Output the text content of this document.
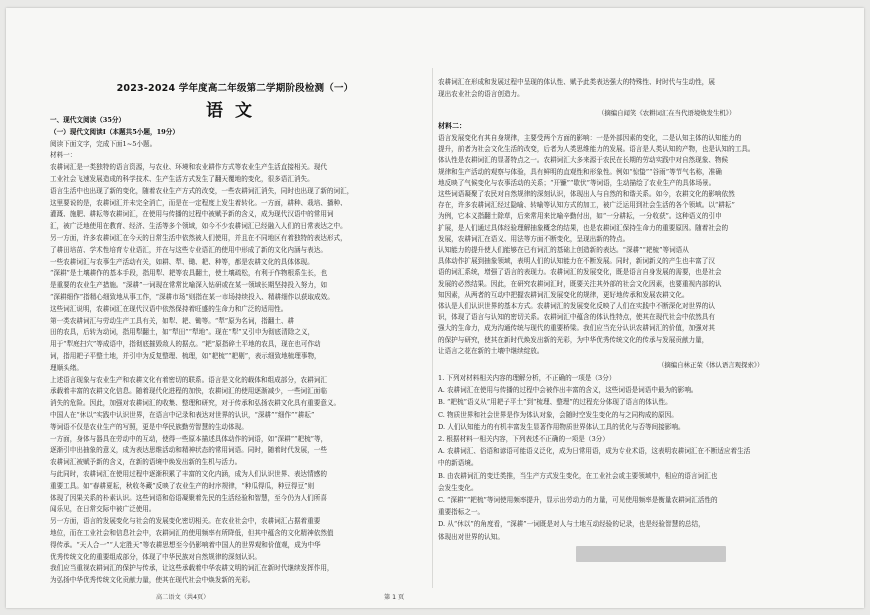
2023-2024 学年度高二年级第二学期阶段检测（一）
语文
一、现代文阅读（35分）
（一）现代文阅读Ⅰ（本题共5小题，19分）
阅读下面文字，完成下面1~5小题。
材料一：
农耕词汇是一类独特的语言资源，与农业、环境和农业耕作方式等农业生产生活直接相关。现代
工业社会飞速发展造成的科学技术、生产生活方式发生了翻天覆地的变化，很多语汇消失。
语言生活中也出现了新的变化，随着农业生产方式的改变，一些农耕词汇消失，同时也出现了新的词汇，
这里要说的是，农耕词汇并未完全消亡，而是在一定程度上发生着转化。一方面，耕种、栽培、播种、
灌溉、施肥、耕耘等农耕词汇，在使用与传播的过程中被赋予新的含义，成为现代汉语中的常用词
汇，被广泛地使用在教育、经济、生活等多个领域，如今不少农耕词汇已经融入人们的日常表达之中。
另一方面，许多农耕词汇在今天的日常生活中依然被人们使用，并且在不同地区有着独特的表达形式，
了耕田培苗、学术性培育专业语汇，并在与这些专业语汇的使用中形成了新的文化内涵与表达。
一些农耕词汇与农事生产活动有关，如耕、犁、锄、耙、种等，都是农耕文化的具体体现。
“深耕”是土壤耕作的基本手段，指用犁、耙等农具翻土，使土壤疏松，有利于作物根系生长，也
是重要的农业生产措施。“深耕”一词现在常常比喻深入钻研或在某一领域长期坚持投入努力，如
“深耕细作”指精心细致地从事工作，“深耕市场”则指在某一市场持续投入、精耕细作以获取成效。
这些词汇说明，农耕词汇在现代汉语中依然保持着旺盛的生命力和广泛的适用性。
第一类农耕词汇与劳动生产工具有关，如犁、耙、锄等。“犁”原为名词，指翻土、耕
田的农具，后转为动词，指用犁翻土，如“犁田”“犁地”。现在“犁”又引申为彻底清除之义，
用于“犁庭扫穴”等成语中，指彻底摧毁敌人的据点。“耙”原指碎土平地的农具，现在也可作动
词，指用耙子平整土地，并引申为反复整理、梳理，如“耙梳”“耙剔”，表示细致地梳理事物，
理顺头绪。
上述语言现象与农业生产和农耕文化有着密切的联系。语言是文化的载体和组成部分，农耕词汇
承载着丰富的农耕文化信息。随着现代化进程的加快，农耕词汇的使用逐渐减少，一些词汇面临
消失的危险。因此，加强对农耕词汇的收集、整理和研究，对于传承和弘扬农耕文化具有重要意义。
中国人在“休以”实践中认识世界，在语言中记录和表达对世界的认识，“深耕”“细作”“耕耘”
等词语不仅是农业生产的写照，更是中华民族勤劳智慧的生动体现。
一方面，身体与器具在劳动中的互动，使得一些原本描述具体动作的词语，如“深耕”“耙梳”等，
逐渐引申出抽象的意义，成为表达思维活动和精神状态的常用词语。同时，随着时代发展，一些
农耕词汇被赋予新的含义，在新的语境中焕发出新的生机与活力。
与此同时，农耕词汇在使用过程中逐渐积累了丰富的文化内涵，成为人们认识世界、表达情感的
重要工具。如“春耕夏耘，秋收冬藏”反映了农业生产的时序规律，“种瓜得瓜，种豆得豆”则
体现了因果关系的朴素认识。这些词语和俗语凝聚着先民的生活经验和智慧，至今仍为人们所喜
闻乐见，在日常交际中被广泛使用。
另一方面，语言的发展变化与社会的发展变化密切相关。在农业社会中，农耕词汇占据着重要
地位，而在工业社会和信息社会中，农耕词汇的使用频率有所降低，但其中蕴含的文化精神依然值
得传承。“天人合一”“人定胜天”等农耕思想至今仍影响着中国人的世界观和价值观，成为中华
优秀传统文化的重要组成部分，体现了中华民族对自然规律的深刻认识。
我们应当重视农耕词汇的保护与传承，让这些承载着中华农耕文明的词汇在新时代继续发挥作用，
为弘扬中华优秀传统文化贡献力量，使其在现代社会中焕发新的光彩。
农耕词汇在形成和发展过程中呈现的体认性、赋予此类表达强大的特殊性、时时代与生动性，展
现出农业社会的语言创造力。
（摘编自闻笑《农耕词汇在当代语境焕发生机》）
材料二：
语言发展变化有其自身规律，主要受两个方面的影响：一是外部因素的变化，二是认知主体的认知能力的
提升，前者为社会文化生活的改变，后者为人类思维能力的发展。语言是人类认知的产物，也是认知的工具。
体认性是农耕词汇的显著特点之一。农耕词汇大多来源于农民在长期的劳动实践中对自然现象、物候
规律和生产活动的观察与体验，具有鲜明的直观性和形象性。例如“惊蛰”“谷雨”等节气名称，准确
地反映了气候变化与农事活动的关系；“开镰”“歇伏”等词语，生动描绘了农业生产的具体场景。
这些词语凝聚了农民对自然规律的深刻认识，体现出人与自然的和谐关系。如今，农耕文化的影响依然
存在，许多农耕词汇经过隐喻、转喻等认知方式的加工，被广泛运用到社会生活的各个领域。以“耕耘”
为例，它本义指翻土除草，后来常用来比喻辛勤付出，如“一分耕耘，一分收获”。这种语义的引申
扩展，是人们通过具体经验理解抽象概念的结果，也是农耕词汇保持生命力的重要原因。随着社会的
发展，农耕词汇在语义、用法等方面不断变化，呈现出新的特点。
认知能力的提升使人们能够在已有词汇的基础上创造新的表达。“深耕”“耙梳”等词语从
具体动作扩展到抽象领域，表明人们的认知能力在不断发展。同时，新词新义的产生也丰富了汉
语的词汇系统，增强了语言的表现力。农耕词汇的发展变化，既是语言自身发展的需要，也是社会
发展的必然结果。因此，在研究农耕词汇时，既要关注其外部的社会文化因素，也要重视内部的认
知因素，从两者的互动中把握农耕词汇发展变化的规律，更好地传承和发展农耕文化。
体认是人们认识世界的基本方式。农耕词汇的发展变化反映了人们在实践中不断深化对世界的认
识，体现了语言与认知的密切关系。农耕词汇中蕴含的体认性特点，使其在现代社会中依然具有
强大的生命力，成为沟通传统与现代的重要桥梁。我们应当充分认识农耕词汇的价值，加强对其
的保护与研究，使其在新时代焕发出新的光彩，为中华优秀传统文化的传承与发展贡献力量，
让语言之花在新的土壤中继续绽放。
（摘编自林正荣《体认语言观探索》）
1. 下列对材料相关内容的理解分析，不正确的一项是（3分）
A. 农耕词汇在使用与传播的过程中会被作出丰富的含义，这些词语是词语中最为的影响。
B. “耙梳”语义从“用耙子平土”到“梳理、整理”的过程充分体现了语言的体认性。
C. 物质世界和社会世界是作为体认对象，会随时空发生变化的与之同构成的原因。
D. 人们认知能力的有机丰富发生显著作用物质世界体认工具的优化与否等间接影响。
2. 根据材料一相关内容，下列表述不正确的一项是（3分）
A. 农耕词汇、俗语和谚语可能语义泛化，成为日常用语，成为专业术语，这表明农耕词汇在不断适应着生活
中的新语境。
B. 由农耕词汇的变迁类推，当生产方式发生变化，在工业社会或主要领域中，相应的语言词汇也
会发生变化。
C. “深耕”“耙梳”等词使用频率提升，显示出劳动力的力量，可见使用频率是衡量农耕词汇活性的
重要指标之一。
D. 从“休以”的角度看，“深耕”一词既是对人与土地互动经验的记录，也是经验智慧的总结，
体现出对世界的认知。
高二语文（共4页）	第 1 页
